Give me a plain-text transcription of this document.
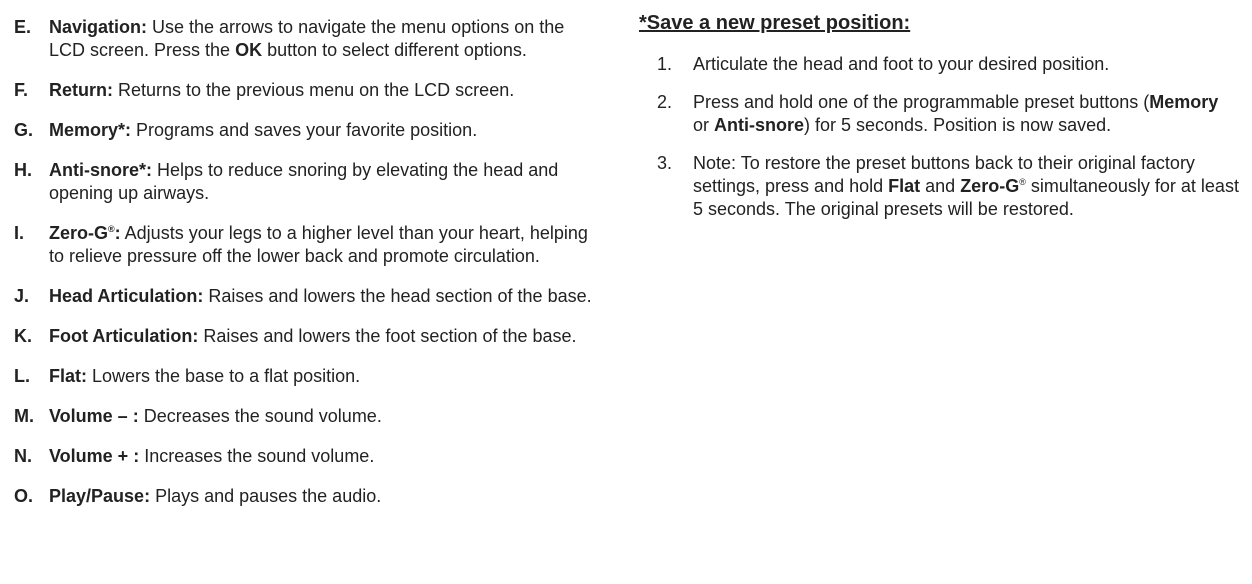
E. Navigation: Use the arrows to navigate the menu options on the LCD screen. Press the OK button to select different options.

F. Return: Returns to the previous menu on the LCD screen.

G. Memory*: Programs and saves your favorite position.

H. Anti-snore*: Helps to reduce snoring by elevating the head and opening up airways.

I. Zero-G®: Adjusts your legs to a higher level than your heart, helping to relieve pressure off the lower back and promote circulation.

J. Head Articulation: Raises and lowers the head section of the base.

K. Foot Articulation: Raises and lowers the foot section of the base.

L. Flat: Lowers the base to a flat position.

M. Volume – : Decreases the sound volume.

N. Volume + : Increases the sound volume.

O. Play/Pause: Plays and pauses the audio.

*Save a new preset position:
1. Articulate the head and foot to your desired position.
2. Press and hold one of the programmable preset buttons (Memory or Anti-snore) for 5 seconds. Position is now saved.
3. Note: To restore the preset buttons back to their original factory settings, press and hold Flat and Zero-G® simultaneously for at least 5 seconds. The original presets will be restored.
